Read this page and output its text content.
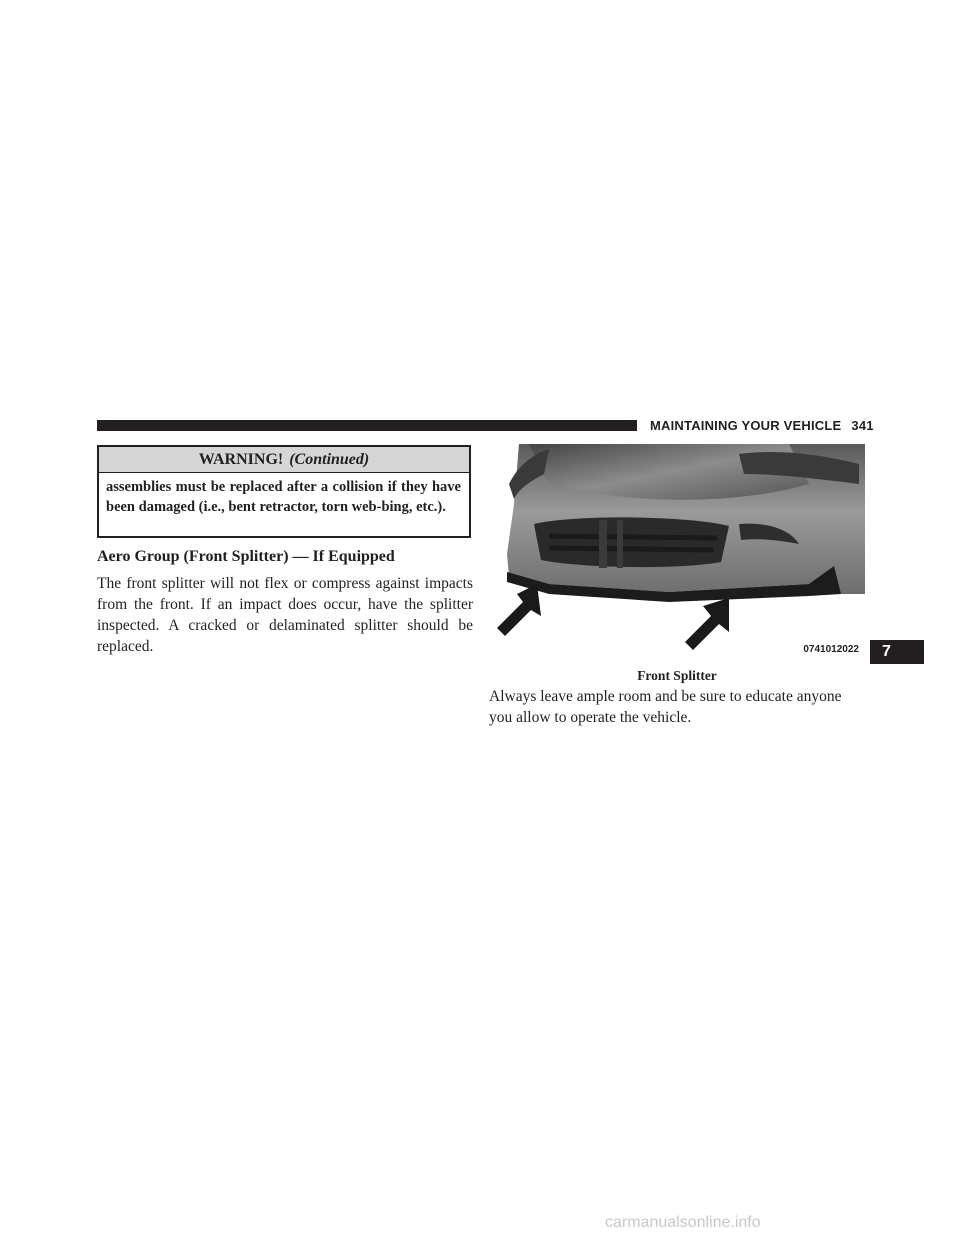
MAINTAINING YOUR VEHICLE 341
WARNING! (Continued)
assemblies must be replaced after a collision if they have been damaged (i.e., bent retractor, torn web-bing, etc.).
Aero Group (Front Splitter) — If Equipped
The front splitter will not flex or compress against impacts from the front. If an impact does occur, have the splitter inspected. A cracked or delaminated splitter should be replaced.	0741012022
Front Splitter
Always leave ample room and be sure to educate anyone you allow to operate the vehicle.
7
carmanualsonline.info
